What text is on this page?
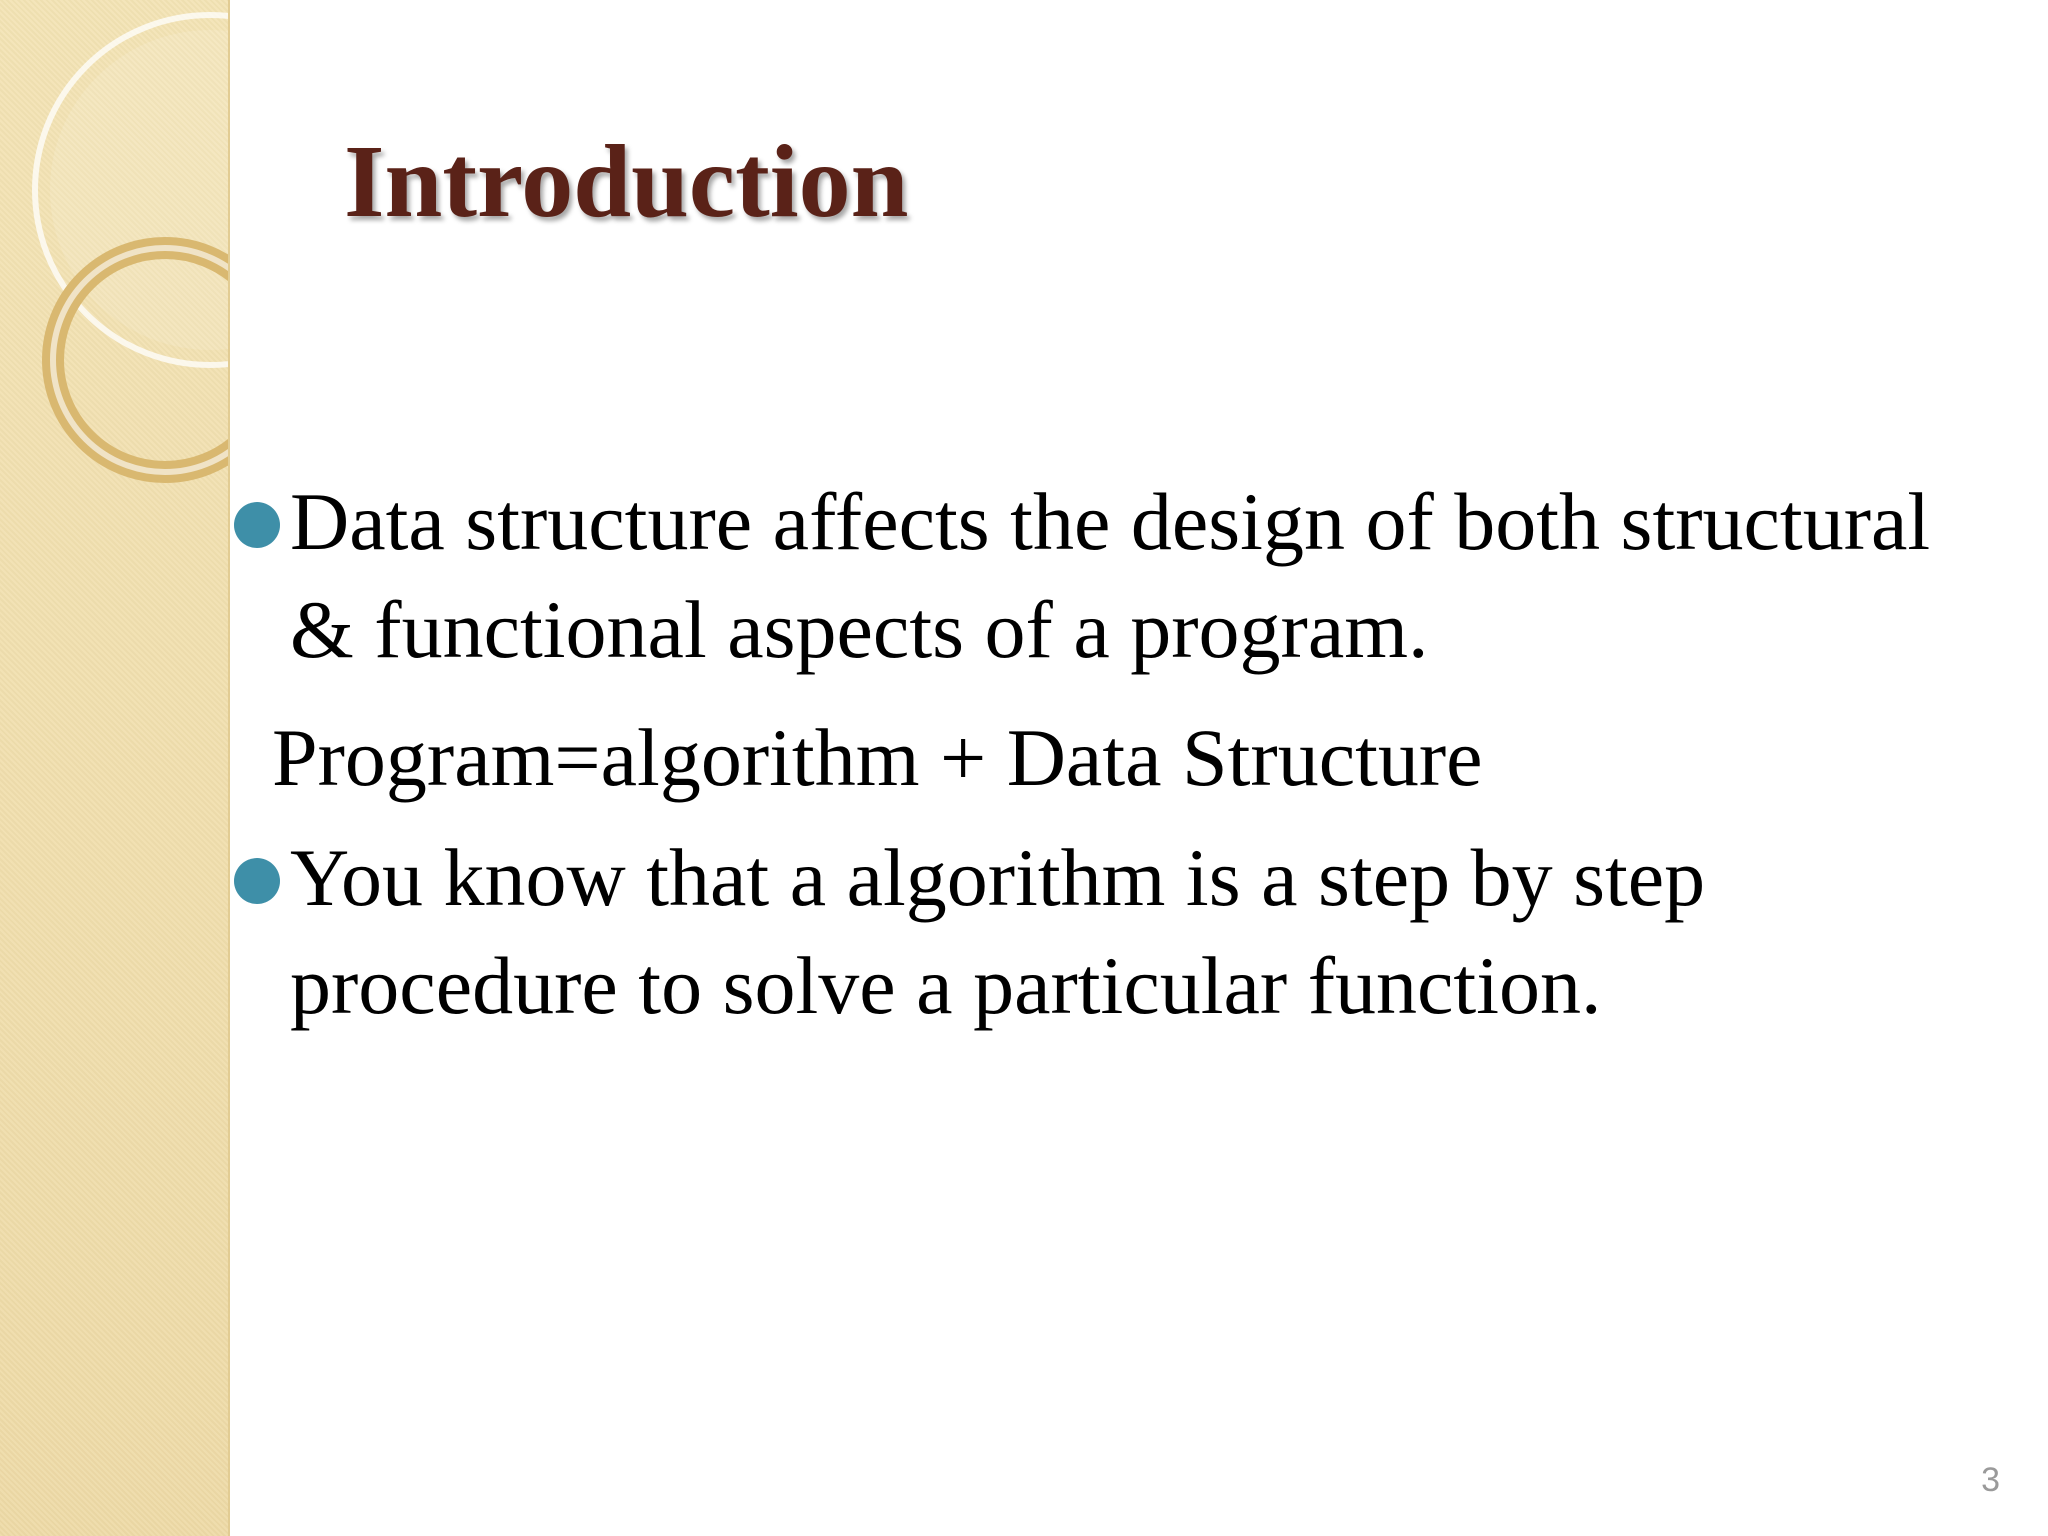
Introduction
Data structure affects the design of both structural & functional aspects of a program.
Program=algorithm + Data Structure
You know that a algorithm is a step by step procedure to solve a particular function.
3
